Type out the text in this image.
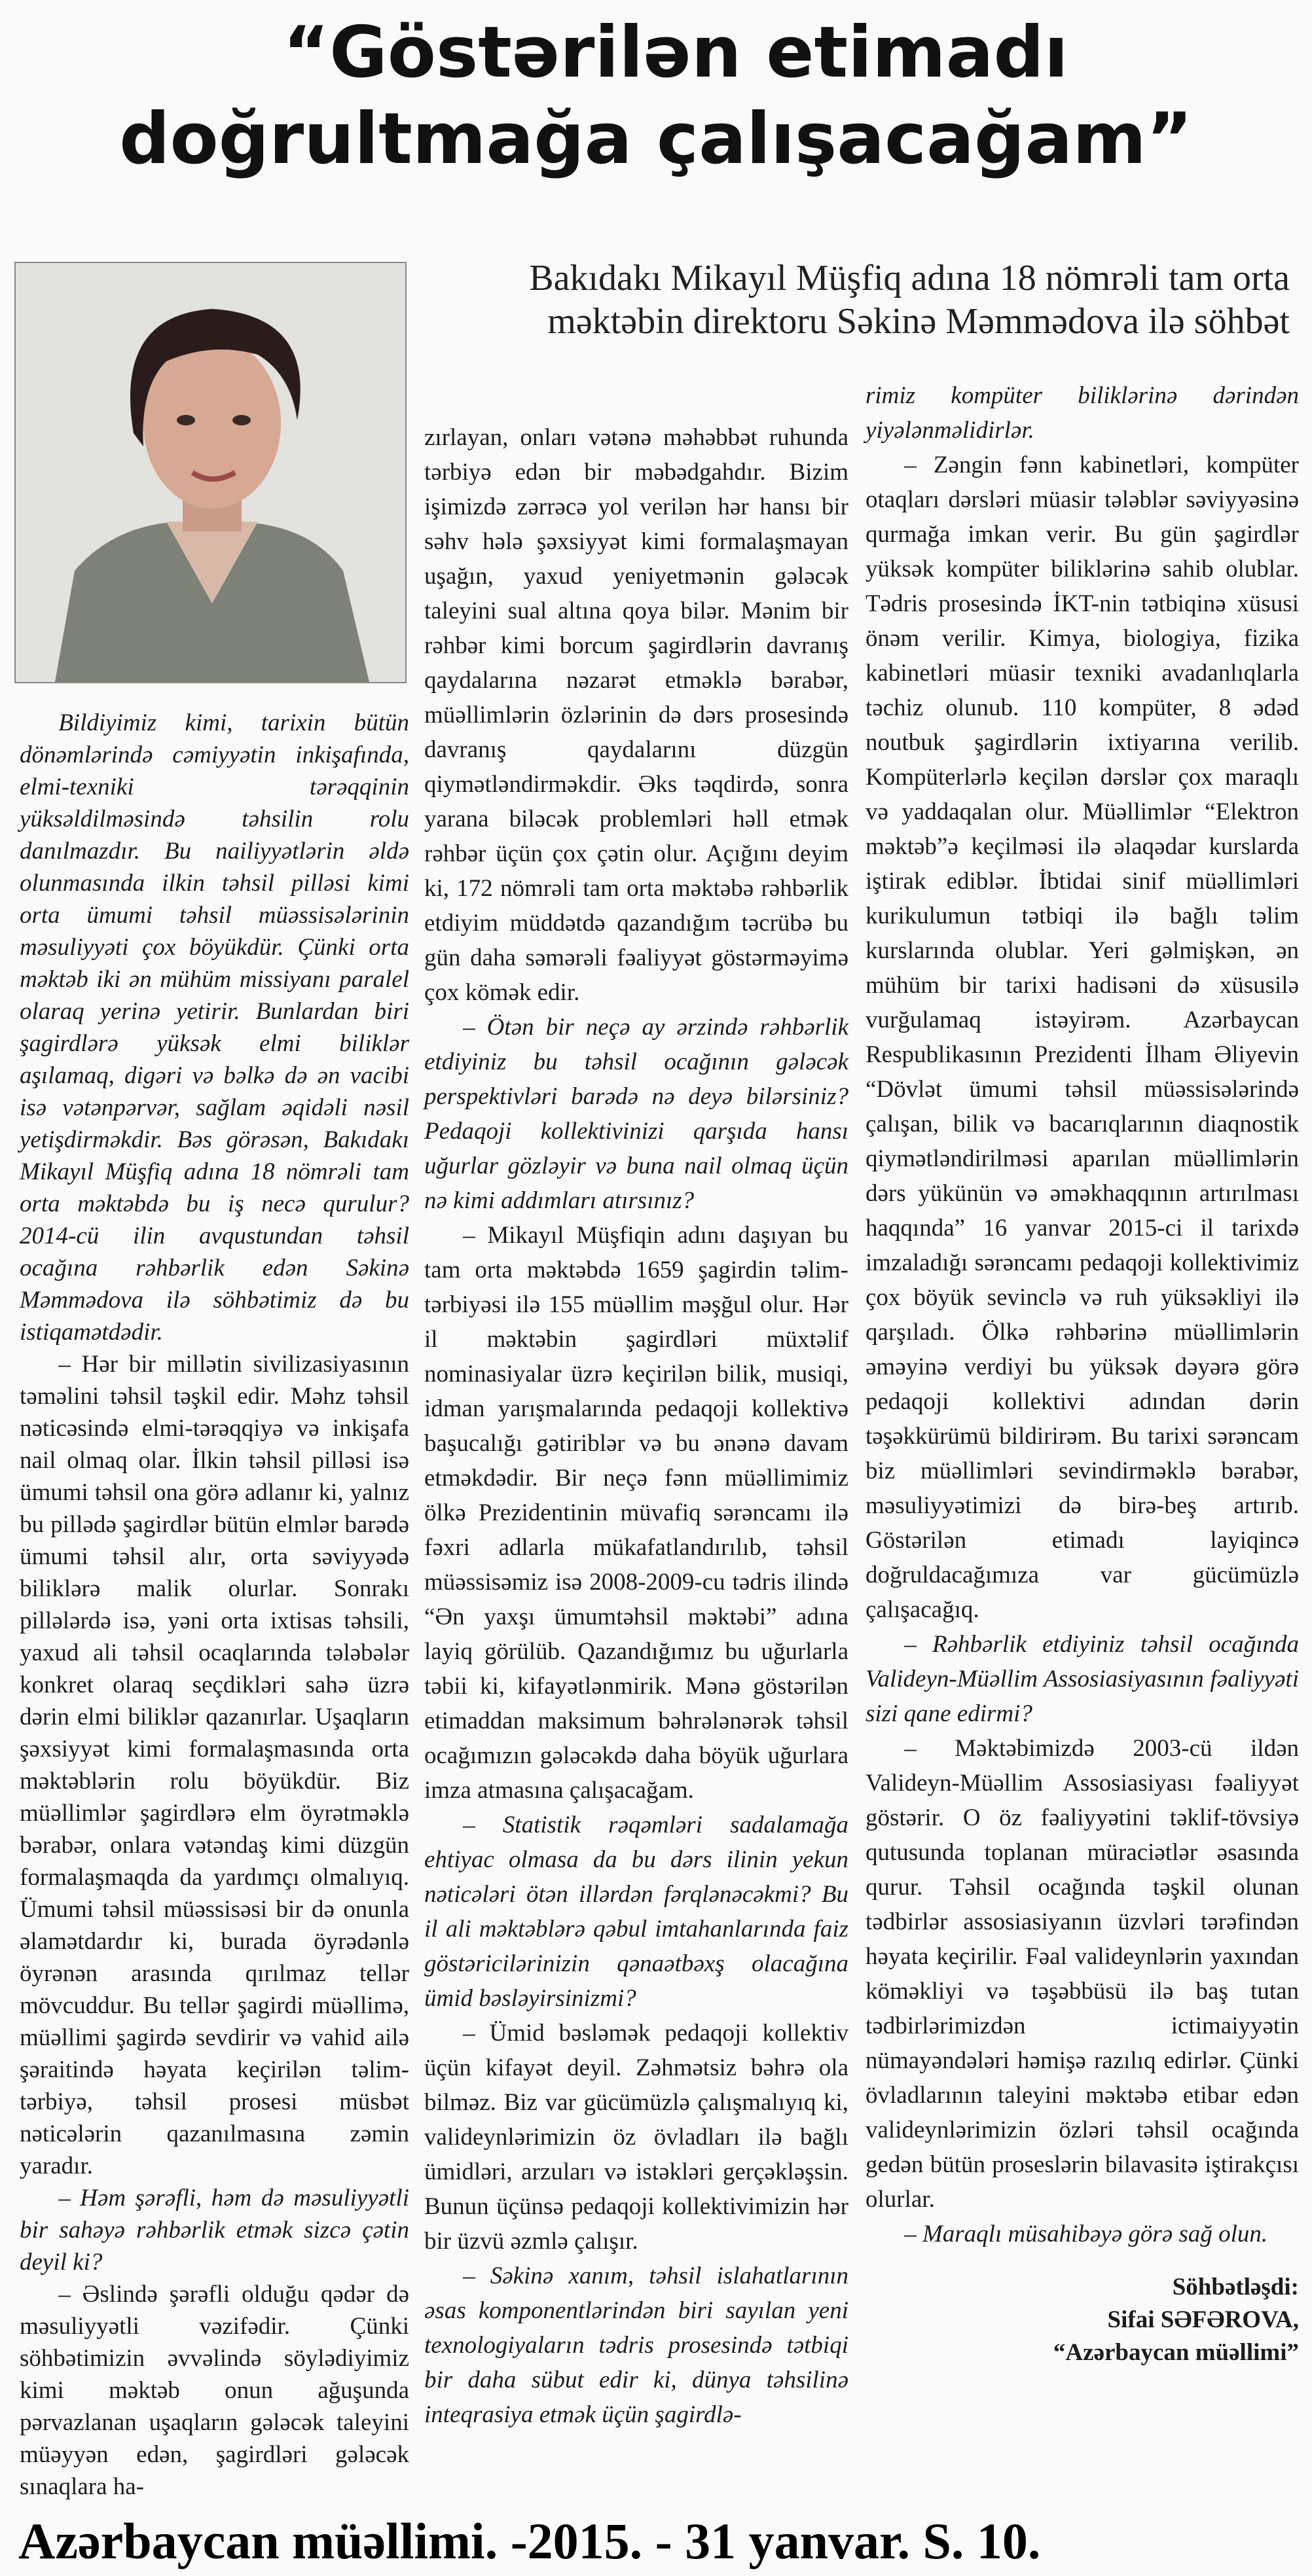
“Göstərilən etimadı
doğrultmağa çalışacağam”
Bakıdakı Mikayıl Müşfiq adına 18 nömrəli tam orta məktəbin direktoru Səkinə Məmmədova ilə söhbət

Bildiyimiz kimi, tarixin bütün dönəmlərində cəmiyyətin inkişafında, elmi-texniki tərəqqinin yüksəldilməsində təhsilin rolu danılmazdır. Bu nailiyyətlərin əldə olunmasında ilkin təhsil pilləsi kimi orta ümumi təhsil müəssisələrinin məsuliyyəti çox böyükdür. Çünki orta məktəb iki ən mühüm missiyanı paralel olaraq yerinə yetirir. Bunlardan biri şagirdlərə yüksək elmi biliklər aşılamaq, digəri və bəlkə də ən vacibi isə vətənpərvər, sağlam əqidəli nəsil yetişdirməkdir. Bəs görəsən, Bakıdakı Mikayıl Müşfiq adına 18 nömrəli tam orta məktəbdə bu iş necə qurulur? 2014-cü ilin avqustundan təhsil ocağına rəhbərlik edən Səkinə Məmmədova ilə söhbətimiz də bu istiqamətdədir.

– Hər bir millətin sivilizasiyasının təməlini təhsil təşkil edir. Məhz təhsil nəticəsində elmi-tərəqqiyə və inkişafa nail olmaq olar. İlkin təhsil pilləsi isə ümumi təhsil ona görə adlanır ki, yalnız bu pillədə şagirdlər bütün elmlər barədə ümumi təhsil alır, orta səviyyədə biliklərə malik olurlar. Sonrakı pillələrdə isə, yəni orta ixtisas təhsili, yaxud ali təhsil ocaqlarında tələbələr konkret olaraq seçdikləri sahə üzrə dərin elmi biliklər qazanırlar. Uşaqların şəxsiyyət kimi formalaşmasında orta məktəblərin rolu böyükdür. Biz müəllimlər şagirdlərə elm öyrətməklə bərabər, onlara vətəndaş kimi düzgün formalaşmaqda da yardımçı olmalıyıq. Ümumi təhsil müəssisəsi bir də onunla əlamətdardır ki, burada öyrədənlə öyrənən arasında qırılmaz tellər mövcuddur. Bu tellər şagirdi müəllimə, müəllimi şagirdə sevdirir və vahid ailə şəraitində həyata keçirilən təlim-tərbiyə, təhsil prosesi müsbət nəticələrin qazanılmasına zəmin yaradır.

– Həm şərəfli, həm də məsuliyyətli bir sahəyə rəhbərlik etmək sizcə çətin deyil ki?

– Əslində şərəfli olduğu qədər də məsuliyyətli vəzifədir. Çünki söhbətimizin əvvəlində söylədiyimiz kimi məktəb onun ağuşunda pərvazlanan uşaqların gələcək taleyini müəyyən edən, şagirdləri gələcək sınaqlara ha-

zırlayan, onları vətənə məhəbbət ruhunda tərbiyə edən bir məbədgahdır. Bizim işimizdə zərrəcə yol verilən hər hansı bir səhv hələ şəxsiyyət kimi formalaşmayan uşağın, yaxud yeniyetmənin gələcək taleyini sual altına qoya bilər. Mənim bir rəhbər kimi borcum şagirdlərin davranış qaydalarına nəzarət etməklə bərabər, müəllimlərin özlərinin də dərs prosesində davranış qaydalarını düzgün qiymətləndirməkdir. Əks təqdirdə, sonra yarana biləcək problemləri həll etmək rəhbər üçün çox çətin olur. Açığını deyim ki, 172 nömrəli tam orta məktəbə rəhbərlik etdiyim müddətdə qazandığım təcrübə bu gün daha səmərəli fəaliyyət göstərməyimə çox kömək edir.

– Ötən bir neçə ay ərzində rəhbərlik etdiyiniz bu təhsil ocağının gələcək perspektivləri barədə nə deyə bilərsiniz? Pedaqoji kollektivinizi qarşıda hansı uğurlar gözləyir və buna nail olmaq üçün nə kimi addımları atırsınız?

– Mikayıl Müşfiqin adını daşıyan bu tam orta məktəbdə 1659 şagirdin təlim-tərbiyəsi ilə 155 müəllim məşğul olur. Hər il məktəbin şagirdləri müxtəlif nominasiyalar üzrə keçirilən bilik, musiqi, idman yarışmalarında pedaqoji kollektivə başucalığı gətiriblər və bu ənənə davam etməkdədir. Bir neçə fənn müəllimimiz ölkə Prezidentinin müvafiq sərəncamı ilə fəxri adlarla mükafatlandırılıb, təhsil müəssisəmiz isə 2008-2009-cu tədris ilində “Ən yaxşı ümumtəhsil məktəbi” adına layiq görülüb. Qazandığımız bu uğurlarla təbii ki, kifayətlənmirik. Mənə göstərilən etimaddan maksimum bəhrələnərək təhsil ocağımızın gələcəkdə daha böyük uğurlara imza atmasına çalışacağam.

– Statistik rəqəmləri sadalamağa ehtiyac olmasa da bu dərs ilinin yekun nəticələri ötən illərdən fərqlənəcəkmi? Bu il ali məktəblərə qəbul imtahanlarında faiz göstəricilərinizin qənaətbəxş olacağına ümid bəsləyirsinizmi?

– Ümid bəsləmək pedaqoji kollektiv üçün kifayət deyil. Zəhmətsiz bəhrə ola bilməz. Biz var gücümüzlə çalışmalıyıq ki, valideynlərimizin öz övladları ilə bağlı ümidləri, arzuları və istəkləri gerçəkləşsin. Bunun üçünsə pedaqoji kollektivimizin hər bir üzvü əzmlə çalışır.

– Səkinə xanım, təhsil islahatlarının əsas komponentlərindən biri sayılan yeni texnologiyaların tədris prosesində tətbiqi bir daha sübut edir ki, dünya təhsilinə inteqrasiya etmək üçün şagirdlə-

rimiz kompüter biliklərinə dərindən yiyələnməlidirlər.

– Zəngin fənn kabinetləri, kompüter otaqları dərsləri müasir tələblər səviyyəsinə qurmağa imkan verir. Bu gün şagirdlər yüksək kompüter biliklərinə sahib olublar. Tədris prosesində İKT-nin tətbiqinə xüsusi önəm verilir. Kimya, biologiya, fizika kabinetləri müasir texniki avadanlıqlarla təchiz olunub. 110 kompüter, 8 ədəd noutbuk şagirdlərin ixtiyarına verilib. Kompüterlərlə keçilən dərslər çox maraqlı və yaddaqalan olur. Müəllimlər “Elektron məktəb”ə keçilməsi ilə əlaqədar kurslarda iştirak ediblər. İbtidai sinif müəllimləri kurikulumun tətbiqi ilə bağlı təlim kurslarında olublar. Yeri gəlmişkən, ən mühüm bir tarixi hadisəni də xüsusilə vurğulamaq istəyirəm. Azərbaycan Respublikasının Prezidenti İlham Əliyevin “Dövlət ümumi təhsil müəssisələrində çalışan, bilik və bacarıqlarının diaqnostik qiymətləndirilməsi aparılan müəllimlərin dərs yükünün və əməkhaqqının artırılması haqqında” 16 yanvar 2015-ci il tarixdə imzaladığı sərəncamı pedaqoji kollektivimiz çox böyük sevinclə və ruh yüksəkliyi ilə qarşıladı. Ölkə rəhbərinə müəllimlərin əməyinə verdiyi bu yüksək dəyərə görə pedaqoji kollektivi adından dərin təşəkkürümü bildirirəm. Bu tarixi sərəncam biz müəllimləri sevindirməklə bərabər, məsuliyyətimizi də birə-beş artırıb. Göstərilən etimadı layiqincə doğruldacağımıza var gücümüzlə çalışacağıq.

– Rəhbərlik etdiyiniz təhsil ocağında Valideyn-Müəllim Assosiasiyasının fəaliyyəti sizi qane edirmi?

– Məktəbimizdə 2003-cü ildən Valideyn-Müəllim Assosiasiyası fəaliyyət göstərir. O öz fəaliyyətini təklif-tövsiyə qutusunda toplanan müraciətlər əsasında qurur. Təhsil ocağında təşkil olunan tədbirlər assosiasiyanın üzvləri tərəfindən həyata keçirilir. Fəal valideynlərin yaxından köməkliyi və təşəbbüsü ilə baş tutan tədbirlərimizdən ictimaiyyətin nümayəndələri həmişə razılıq edirlər. Çünki övladlarının taleyini məktəbə etibar edən valideynlərimizin özləri təhsil ocağında gedən bütün proseslərin bilavasitə iştirakçısı olurlar.

– Maraqlı müsahibəyə görə sağ olun.

Söhbətləşdi:
Sifai SƏFƏROVA,
“Azərbaycan müəllimi”
Azərbaycan müəllimi. -2015. - 31 yanvar. S. 10.
